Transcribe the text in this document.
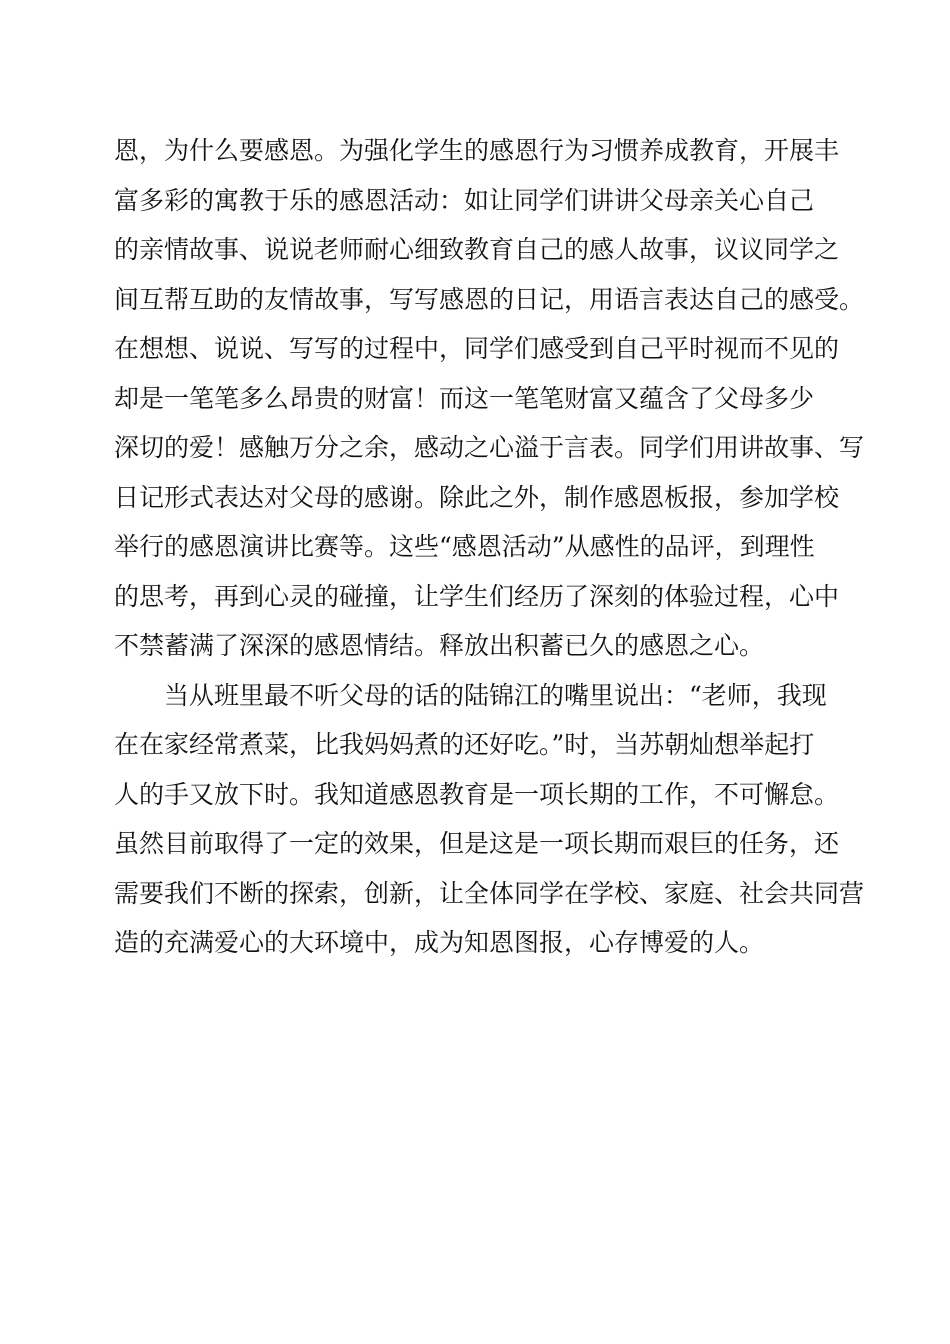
恩，为什么要感恩。为强化学生的感恩行为习惯养成教育，开展丰
富多彩的寓教于乐的感恩活动：如让同学们讲讲父母亲关心自己
的亲情故事、说说老师耐心细致教育自己的感人故事，议议同学之
间互帮互助的友情故事，写写感恩的日记，用语言表达自己的感受。
在想想、说说、写写的过程中，同学们感受到自己平时视而不见的
却是一笔笔多么昂贵的财富！而这一笔笔财富又蕴含了父母多少
深切的爱！感触万分之余，感动之心溢于言表。同学们用讲故事、写
日记形式表达对父母的感谢。除此之外，制作感恩板报，参加学校
举行的感恩演讲比赛等。这些“感恩活动”从感性的品评，到理性
的思考，再到心灵的碰撞，让学生们经历了深刻的体验过程，心中
不禁蓄满了深深的感恩情结。释放出积蓄已久的感恩之心。
当从班里最不听父母的话的陆锦江的嘴里说出：“老师，我现
在在家经常煮菜，比我妈妈煮的还好吃。”时，当苏朝灿想举起打
人的手又放下时。我知道感恩教育是一项长期的工作，不可懈怠。
虽然目前取得了一定的效果，但是这是一项长期而艰巨的任务，还
需要我们不断的探索，创新，让全体同学在学校、家庭、社会共同营
造的充满爱心的大环境中，成为知恩图报，心存博爱的人。
